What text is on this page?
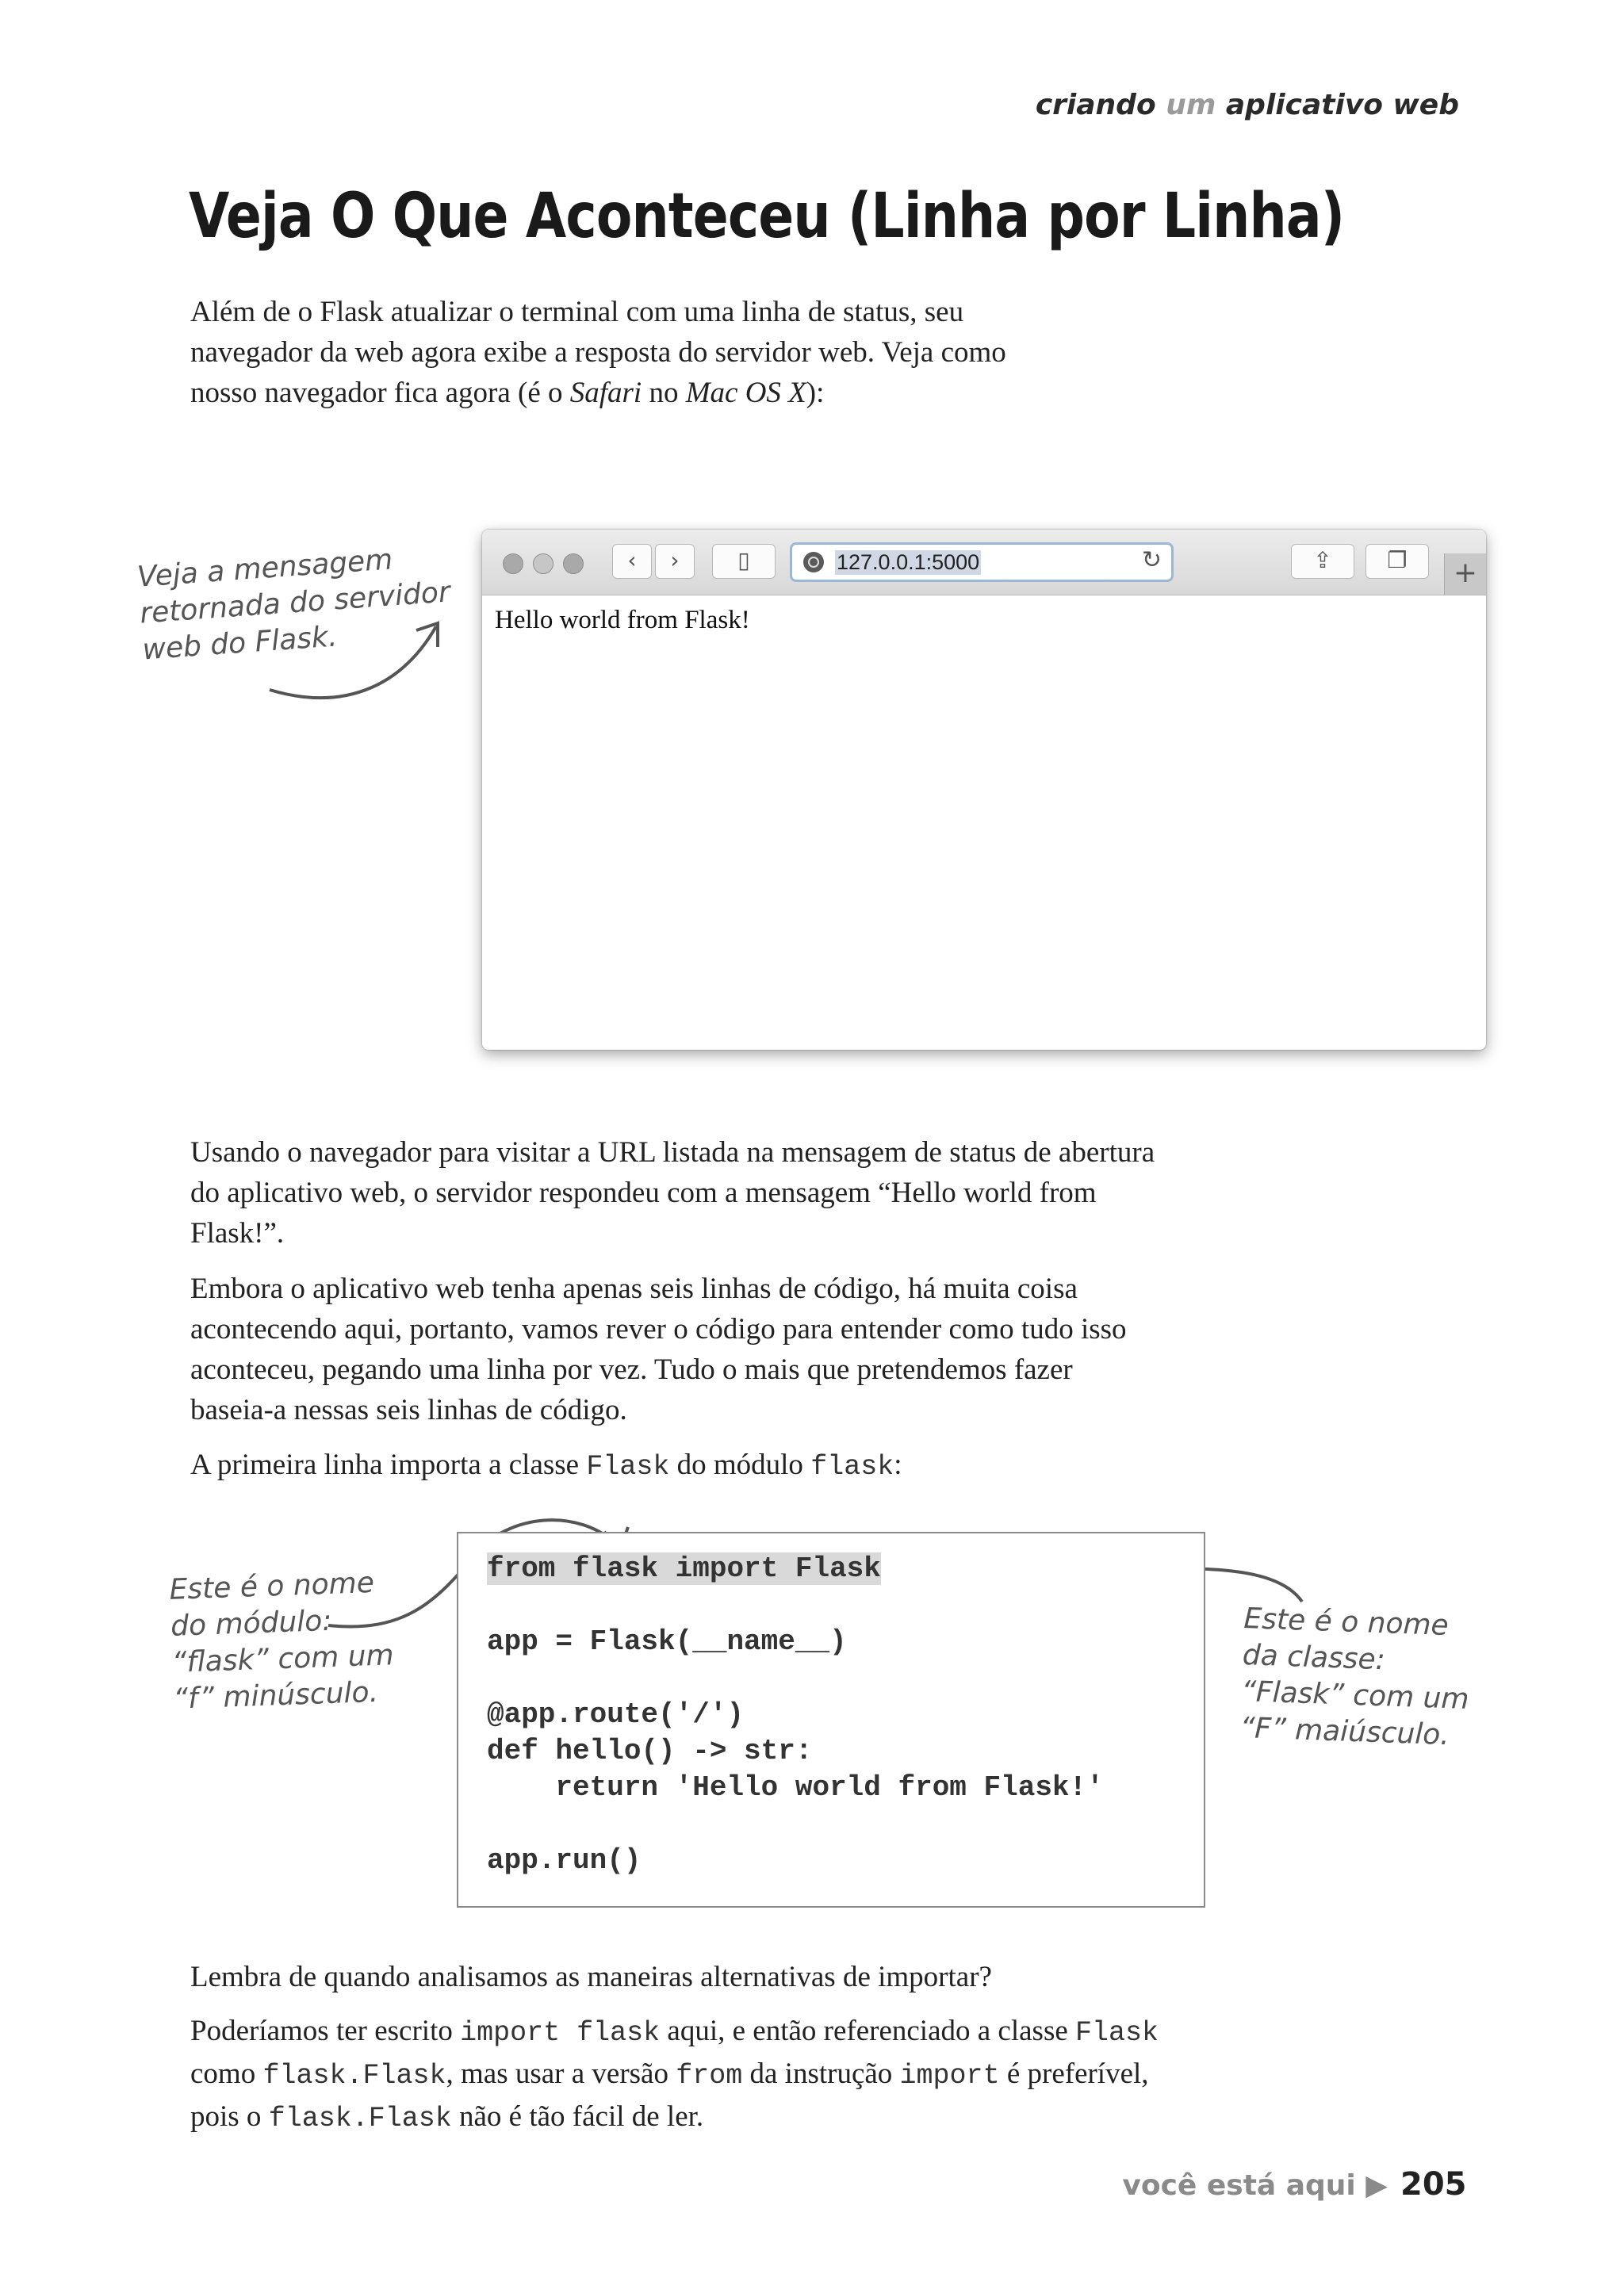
criando um aplicativo web
Veja O Que Aconteceu (Linha por Linha)
Além de o Flask atualizar o terminal com uma linha de status, seu
navegador da web agora exibe a resposta do servidor web. Veja como
nosso navegador fica agora (é o Safari no Mac OS X):
Veja a mensagem
retornada do servidor
web do Flask.
‹	›	▯	127.0.0.1:5000	↻	⇪	❐	+
Hello world from Flask!
Usando o navegador para visitar a URL listada na mensagem de status de abertura do aplicativo web, o servidor respondeu com a mensagem “Hello world from Flask!”.
Embora o aplicativo web tenha apenas seis linhas de código, há muita coisa acontecendo aqui, portanto, vamos rever o código para entender como tudo isso aconteceu, pegando uma linha por vez. Tudo o mais que pretendemos fazer baseia-a nessas seis linhas de código.
A primeira linha importa a classe Flask do módulo flask:
Este é o nome
do módulo:
“flask” com um
“f” minúsculo.
Este é o nome
da classe:
“Flask” com um
“F” maiúsculo.
from flask import Flask

app = Flask(__name__)

@app.route('/')
def hello() -> str:
return 'Hello world from Flask!'

app.run()
Lembra de quando analisamos as maneiras alternativas de importar?
Poderíamos ter escrito import flask aqui, e então referenciado a classe Flask como flask.Flask, mas usar a versão from da instrução import é preferível, pois o flask.Flask não é tão fácil de ler.
você está aqui ▶ 205
